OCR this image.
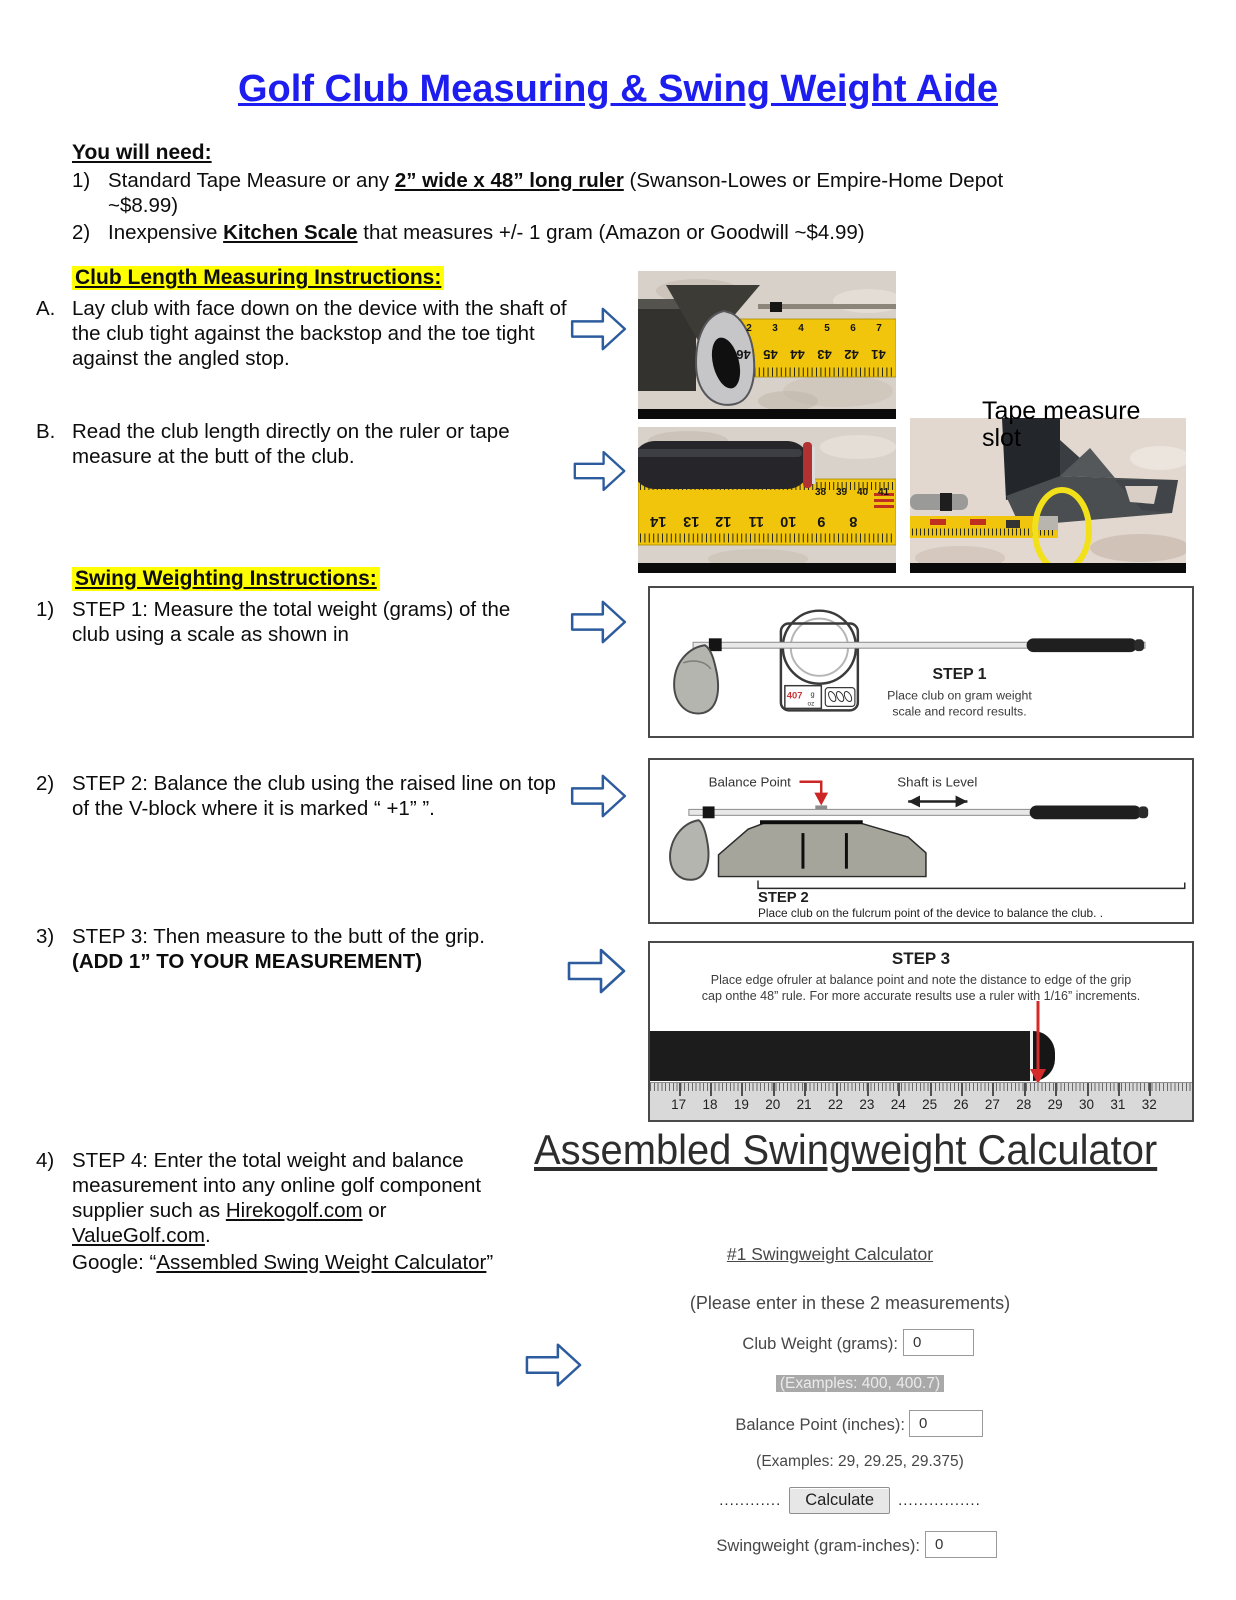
Golf Club Measuring & Swing Weight Aide
You will need:
1) Standard Tape Measure or any 2” wide x 48” long ruler (Swanson-Lowes or Empire-Home Depot
~$8.99)
2) Inexpensive Kitchen Scale that measures +/- 1 gram (Amazon or Goodwill ~$4.99)
Club Length Measuring Instructions:
A. Lay club with face down on the device with the shaft of the club tight against the backstop and the toe tight against the angled stop.
B. Read the club length directly on the ruler or tape measure at the butt of the club.
2	3	4	5	6	7
46 45 44 43 42 41
38 39 40 41
14	13	12	11	10	9	8
Tape measure slot
Swing Weighting Instructions:
1) STEP 1: Measure the total weight (grams) of the club using a scale as shown in
2) STEP 2: Balance the club using the raised line on top of the V-block where it is marked “ +1” ”.
3) STEP 3: Then measure to the butt of the grip.
(ADD 1” TO YOUR MEASUREMENT)
4) STEP 4: Enter the total weight and balance measurement into any online golf component supplier such as Hirekogolf.com or ValueGolf.com.
Google: “Assembled Swing Weight Calculator”
407 g
oz
STEP 1
Place club on gram weight
scale and record results.
Balance Point	Shaft is Level
STEP 2
Place club on the fulcrum point of the device to balance the club. .
STEP 3
Place edge ofruler at balance point and note the distance to edge of the grip
cap onthe 48” rule. For more accurate results use a ruler with 1/16” increments.
17	18	19	20	21	22	23	24	25	26	27	28	29	30	31	32
Assembled Swingweight Calculator
#1 Swingweight Calculator
(Please enter in these 2 measurements)
Club Weight (grams):
0
(Examples: 400, 400.7)
Balance Point (inches):
0
(Examples: 29, 29.25, 29.375)
............	Calculate	................
Swingweight (gram-inches):
0
